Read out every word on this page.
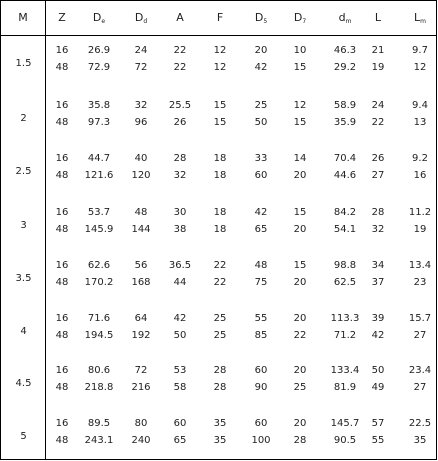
M	Z	$D_e$	$D_d$	A	F	$D_5$	$D_7$	$d_m$	L	$L_m$
1.5
16	26.9	24	22	12	20	10	46.3	21	9.7
48	72.9	72	22	12	42	15	29.2	19	12
2
16	35.8	32	25.5	15	25	12	58.9	24	9.4
48	97.3	96	26	15	50	15	35.9	22	13
2.5
16	44.7	40	28	18	33	14	70.4	26	9.2
48	121.6	120	32	18	60	20	44.6	27	16
3
16	53.7	48	30	18	42	15	84.2	28	11.2
48	145.9	144	38	18	65	20	54.1	32	19
3.5
16	62.6	56	36.5	22	48	15	98.8	34	13.4
48	170.2	168	44	22	75	20	62.5	37	23
4
16	71.6	64	42	25	55	20	113.3	39	15.7
48	194.5	192	50	25	85	22	71.2	42	27
4.5
16	80.6	72	53	28	60	20	133.4	50	23.4
48	218.8	216	58	28	90	25	81.9	49	27
5
16	89.5	80	60	35	60	20	145.7	57	22.5
48	243.1	240	65	35	100	28	90.5	55	35
